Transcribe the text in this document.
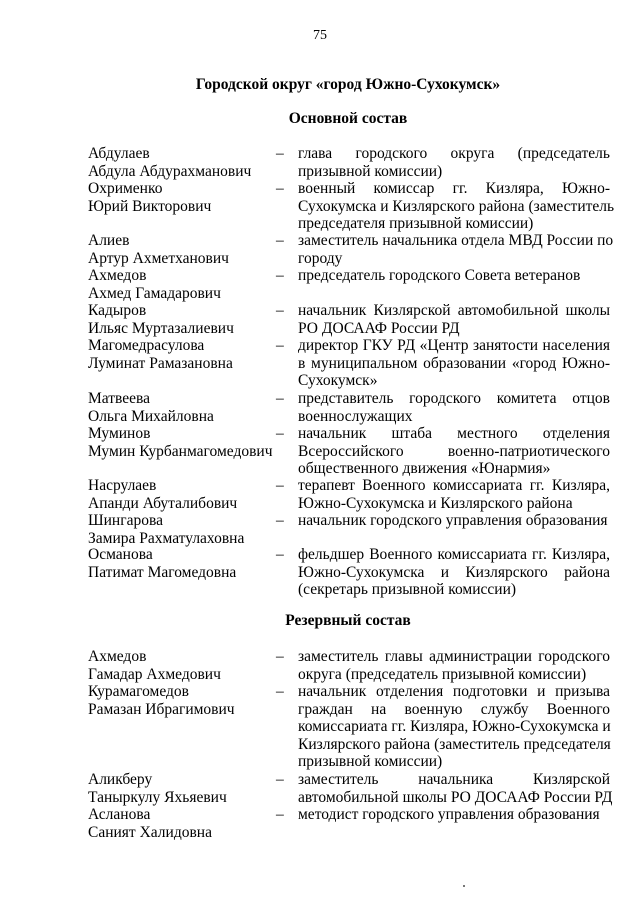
75
Городской округ «город Южно-Сухокумск»
Основной состав
Резервный состав
Абдулаев
Абдула Абдурахманович
– глава городского округа (председатель
призывной комиссии)
Охрименко
Юрий Викторович
– военный комиссар гг. Кизляра, Южно-
Сухокумска и Кизлярского района (заместитель
председателя призывной комиссии)
Алиев
Артур Ахметханович
– заместитель начальника отдела МВД России по
городу
Ахмедов
Ахмед Гамадарович
– председатель городского Совета ветеранов
Кадыров
Ильяс Муртазалиевич
– начальник Кизлярской автомобильной школы
РО ДОСААФ России РД
Магомедрасулова
Луминат Рамазановна
– директор ГКУ РД «Центр занятости населения
в муниципальном образовании «город Южно-
Сухокумск»
Матвеева
Ольга Михайловна
– представитель городского комитета отцов
военнослужащих
Муминов
Мумин Курбанмагомедович
– начальник штаба местного отделения
Всероссийского военно-патриотического
общественного движения «Юнармия»
Насрулаев
Апанди Абуталибович
– терапевт Военного комиссариата гг. Кизляра,
Южно-Сухокумска и Кизлярского района
Шингарова
Замира Рахматулаховна
– начальник городского управления образования
Османова
Патимат Магомедовна
– фельдшер Военного комиссариата гг. Кизляра,
Южно-Сухокумска и Кизлярского района
(секретарь призывной комиссии)
Ахмедов
Гамадар Ахмедович
– заместитель главы администрации городского
округа (председатель призывной комиссии)
Курамагомедов
Рамазан Ибрагимович
– начальник отделения подготовки и призыва
граждан на военную службу Военного
комиссариата гг. Кизляра, Южно-Сухокумска и
Кизлярского района (заместитель председателя
призывной комиссии)
Аликберу
Таныркулу Яхьяевич
– заместитель начальника Кизлярской
автомобильной школы РО ДОСААФ России РД
Асланова
Саният Халидовна
– методист городского управления образования
